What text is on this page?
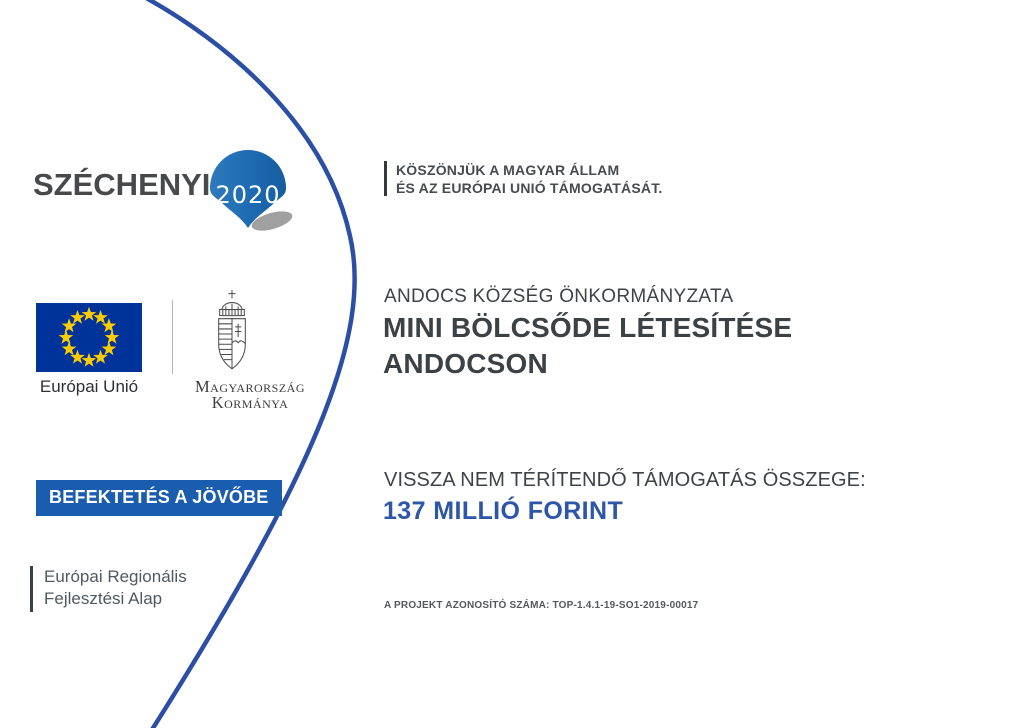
SZÉCHENYI 2020
KÖSZÖNJÜK A MAGYAR ÁLLAM
ÉS AZ EURÓPAI UNIÓ TÁMOGATÁSÁT.
Európai Unió	Magyarország
Kormánya
BEFEKTETÉS A JÖVŐBE
Európai Regionális
Fejlesztési Alap
ANDOCS KÖZSÉG ÖNKORMÁNYZATA
MINI BÖLCSŐDE LÉTESÍTÉSE
ANDOCSON
VISSZA NEM TÉRÍTENDŐ TÁMOGATÁS ÖSSZEGE:
137 MILLIÓ FORINT
A PROJEKT AZONOSÍTÓ SZÁMA: TOP-1.4.1-19-SO1-2019-00017
